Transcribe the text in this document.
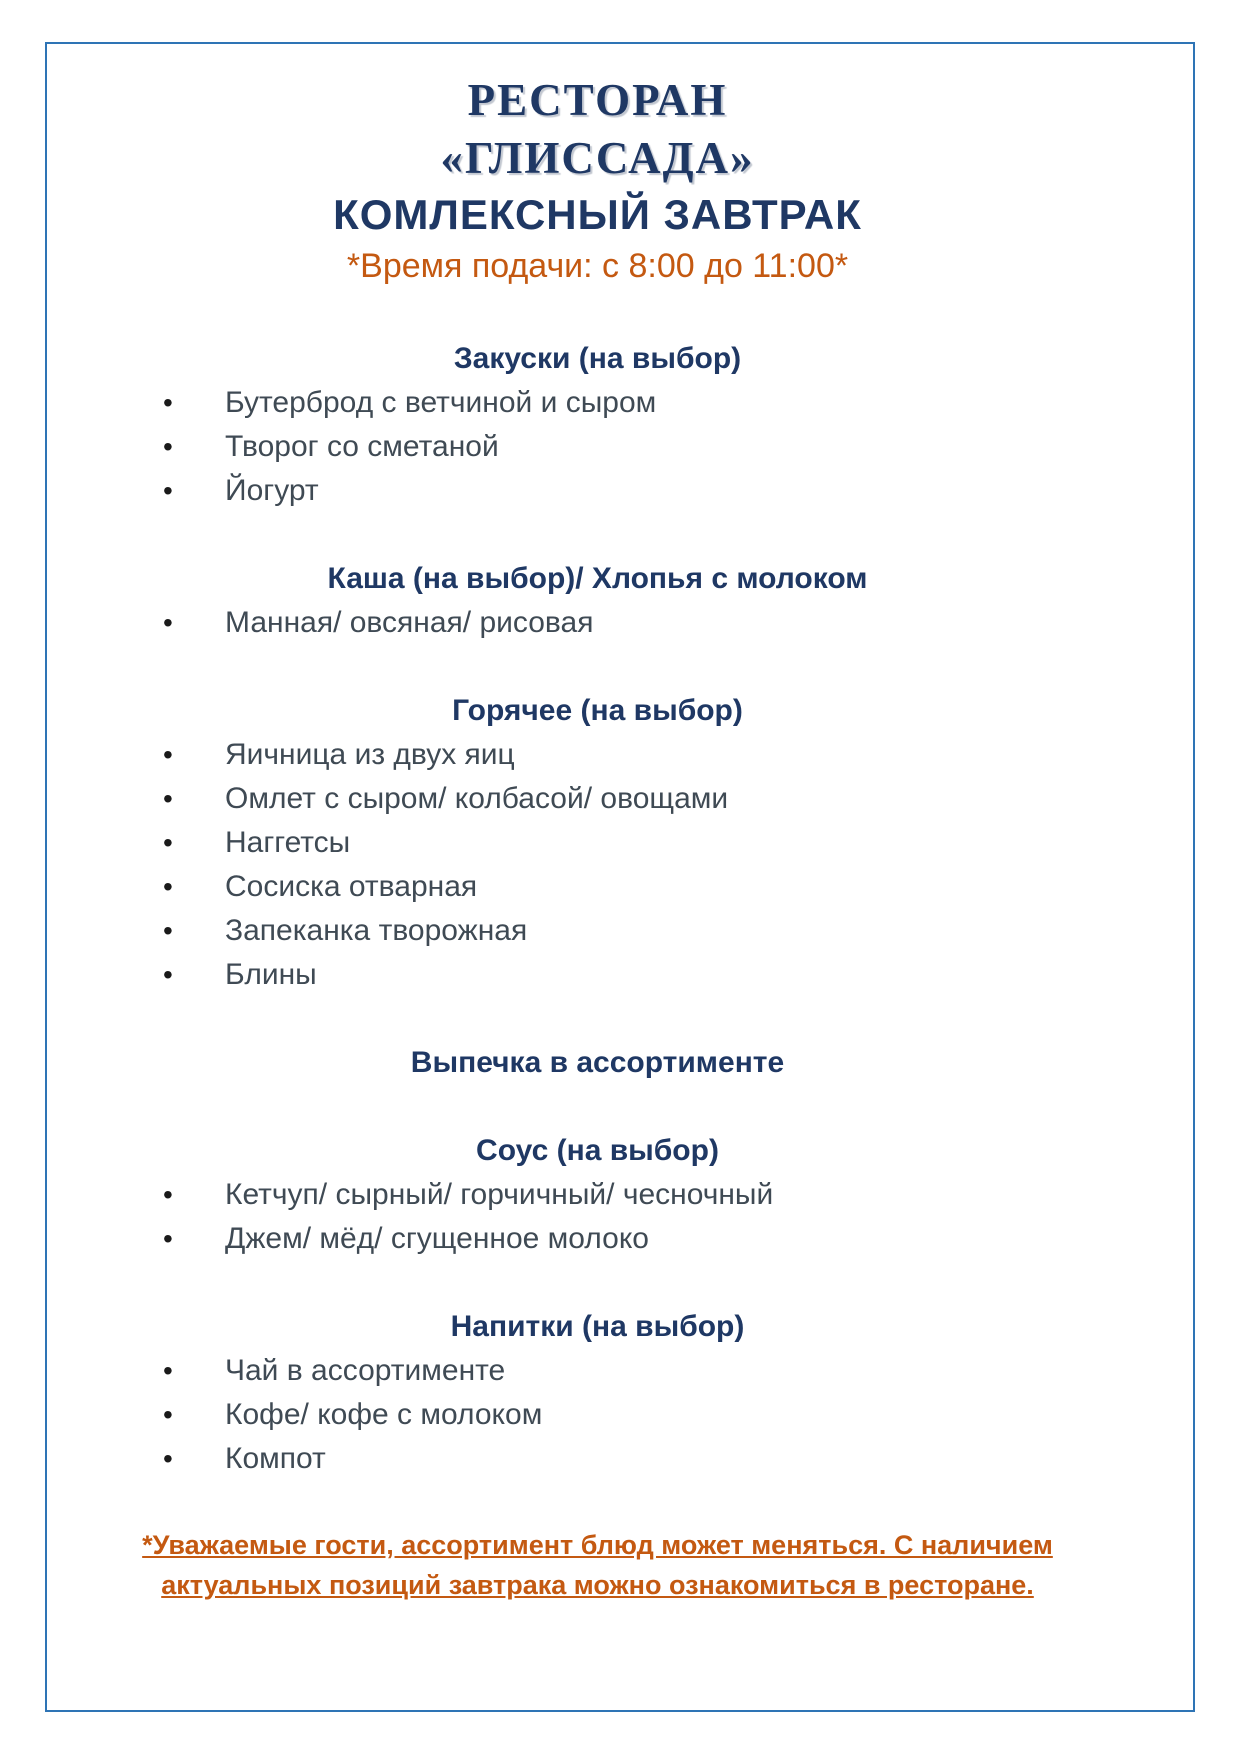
РЕСТОРАН
«ГЛИССАДА»
КОМЛЕКСНЫЙ ЗАВТРАК
*Время подачи: с 8:00 до 11:00*
Закуски (на выбор)
• Бутерброд с ветчиной и сыром
• Творог со сметаной
• Йогурт
Каша (на выбор)/ Хлопья с молоком
• Манная/ овсяная/ рисовая
Горячее (на выбор)
• Яичница из двух яиц
• Омлет с сыром/ колбасой/ овощами
• Наггетсы
• Сосиска отварная
• Запеканка творожная
• Блины
Выпечка в ассортименте
Соус (на выбор)
• Кетчуп/ сырный/ горчичный/ чесночный
• Джем/ мёд/ сгущенное молоко
Напитки (на выбор)
• Чай в ассортименте
• Кофе/ кофе с молоком
• Компот
*Уважаемые гости, ассортимент блюд может меняться. С наличием
актуальных позиций завтрака можно ознакомиться в ресторане.
